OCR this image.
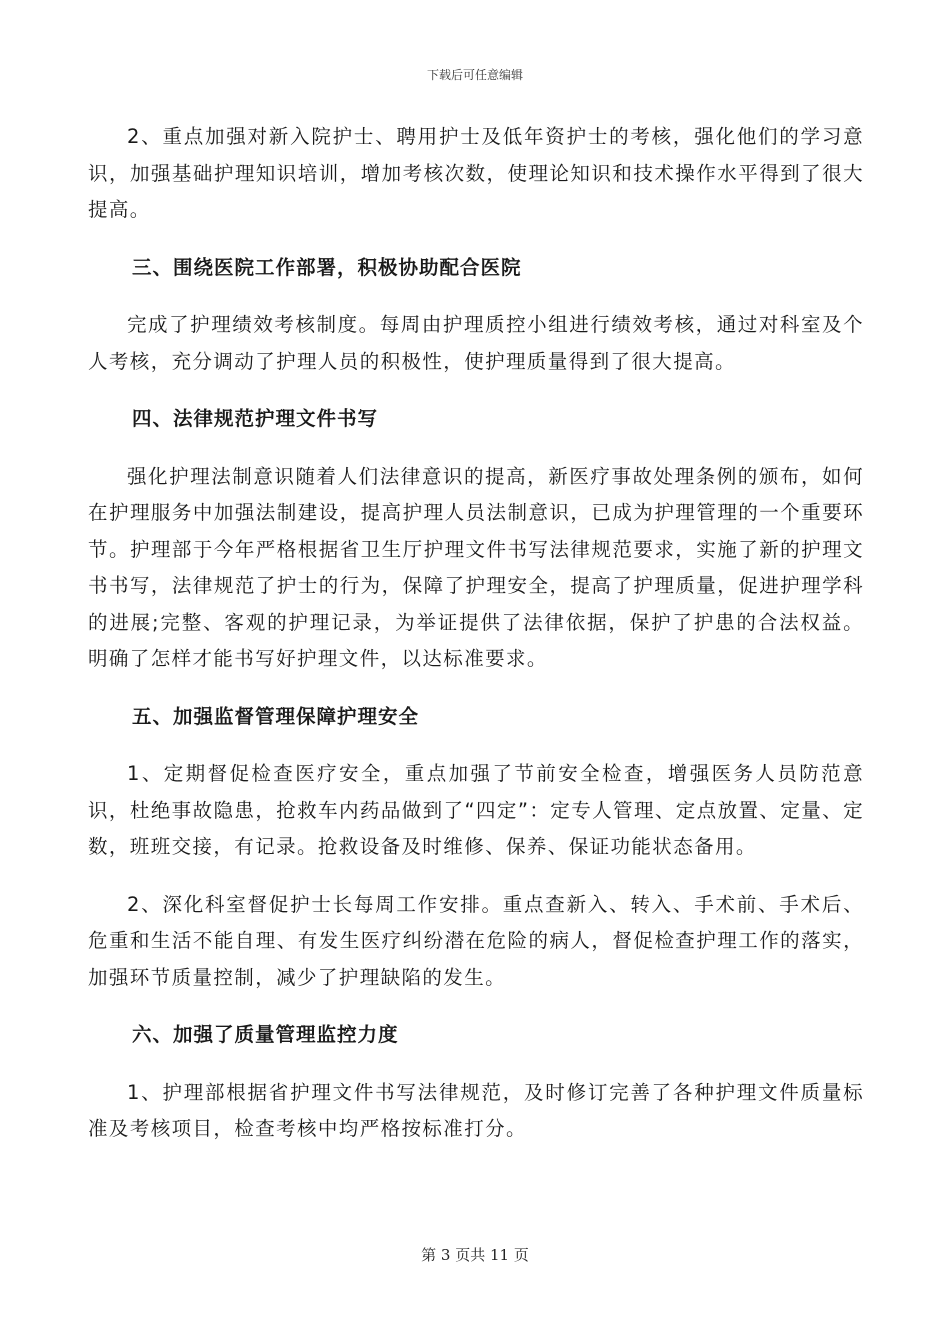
下载后可任意编辑

2、重点加强对新入院护士、聘用护士及低年资护士的考核，强化他们的学习意识，加强基础护理知识培训，增加考核次数，使理论知识和技术操作水平得到了很大提高。

三、围绕医院工作部署，积极协助配合医院

完成了护理绩效考核制度。每周由护理质控小组进行绩效考核，通过对科室及个人考核，充分调动了护理人员的积极性，使护理质量得到了很大提高。

四、法律规范护理文件书写

强化护理法制意识随着人们法律意识的提高，新医疗事故处理条例的颁布，如何在护理服务中加强法制建设，提高护理人员法制意识，已成为护理管理的一个重要环节。护理部于今年严格根据省卫生厅护理文件书写法律规范要求，实施了新的护理文书书写，法律规范了护士的行为，保障了护理安全，提高了护理质量，促进护理学科的进展;完整、客观的护理记录，为举证提供了法律依据，保护了护患的合法权益。明确了怎样才能书写好护理文件，以达标准要求。

五、加强监督管理保障护理安全

1、定期督促检查医疗安全，重点加强了节前安全检查，增强医务人员防范意识，杜绝事故隐患，抢救车内药品做到了“四定”：定专人管理、定点放置、定量、定数，班班交接，有记录。抢救设备及时维修、保养、保证功能状态备用。

2、深化科室督促护士长每周工作安排。重点查新入、转入、手术前、手术后、危重和生活不能自理、有发生医疗纠纷潜在危险的病人，督促检查护理工作的落实，加强环节质量控制，减少了护理缺陷的发生。

六、加强了质量管理监控力度

1、护理部根据省护理文件书写法律规范，及时修订完善了各种护理文件质量标准及考核项目，检查考核中均严格按标准打分。

第 3 页共 11 页
